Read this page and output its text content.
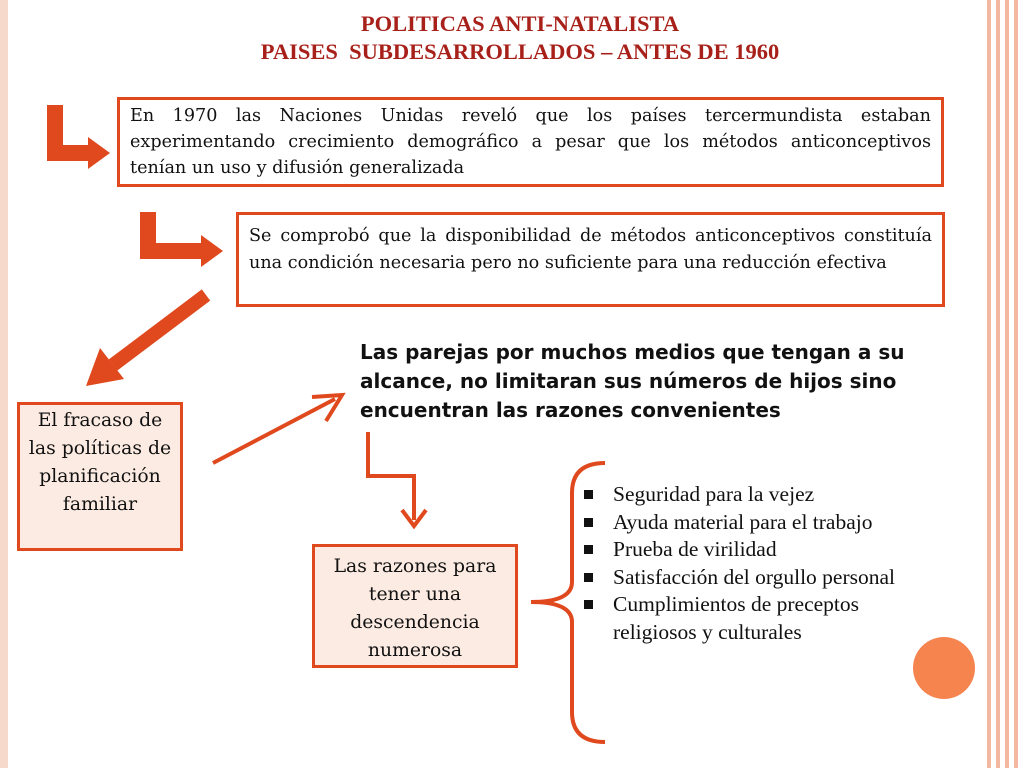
POLITICAS ANTI-NATALISTA
PAISES  SUBDESARROLLADOS – ANTES DE 1960
En 1970 las Naciones Unidas reveló que los países tercermundista estaban experimentando crecimiento demográfico a pesar que los métodos anticonceptivos tenían un uso y difusión generalizada
Se comprobó que la disponibilidad de métodos anticonceptivos constituía una condición necesaria pero no suficiente para una reducción efectiva
El fracaso de las políticas de planificación familiar
Las razones para tener una descendencia numerosa
Las parejas por muchos medios que tengan a su alcance, no limitaran sus números de hijos sino encuentran las razones convenientes
Seguridad para la vejez
Ayuda material para el trabajo
Prueba de virilidad
Satisfacción del orgullo personal
Cumplimientos de preceptos religiosos y culturales
